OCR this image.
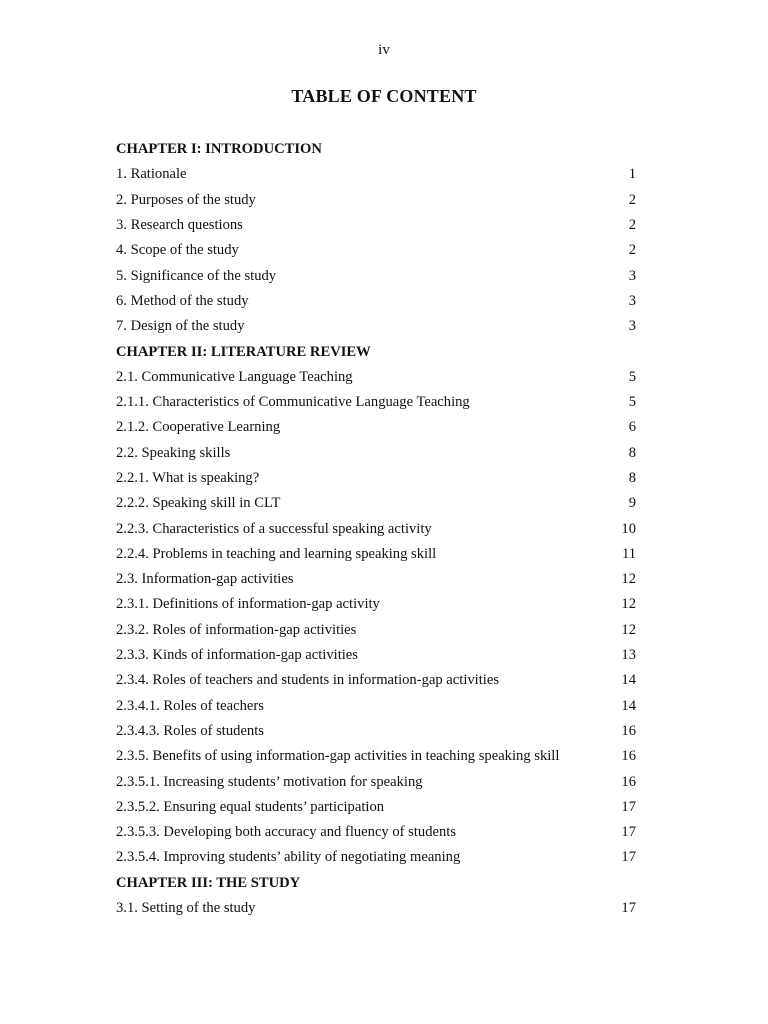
iv
TABLE OF CONTENT
CHAPTER I: INTRODUCTION
1. Rationale	1
2. Purposes of the study	2
3. Research questions	2
4. Scope of the study	2
5. Significance of the study	3
6. Method of the study	3
7. Design of the study	3
CHAPTER II: LITERATURE REVIEW
2.1. Communicative Language Teaching	5
2.1.1. Characteristics of Communicative Language Teaching	5
2.1.2. Cooperative Learning	6
2.2. Speaking skills	8
2.2.1. What is speaking?	8
2.2.2. Speaking skill in CLT	9
2.2.3. Characteristics of a successful speaking activity	10
2.2.4. Problems in teaching and learning speaking skill	11
2.3. Information-gap activities	12
2.3.1. Definitions of information-gap activity	12
2.3.2. Roles of information-gap activities	12
2.3.3. Kinds of information-gap activities	13
2.3.4. Roles of teachers and students in information-gap activities	14
2.3.4.1. Roles of teachers	14
2.3.4.3. Roles of students	16
2.3.5. Benefits of using information-gap activities in teaching speaking skill	16
2.3.5.1. Increasing students’ motivation for speaking	16
2.3.5.2. Ensuring equal students’ participation	17
2.3.5.3. Developing both accuracy and fluency of students	17
2.3.5.4. Improving students’ ability of negotiating meaning	17
CHAPTER III: THE STUDY
3.1. Setting of the study	17
